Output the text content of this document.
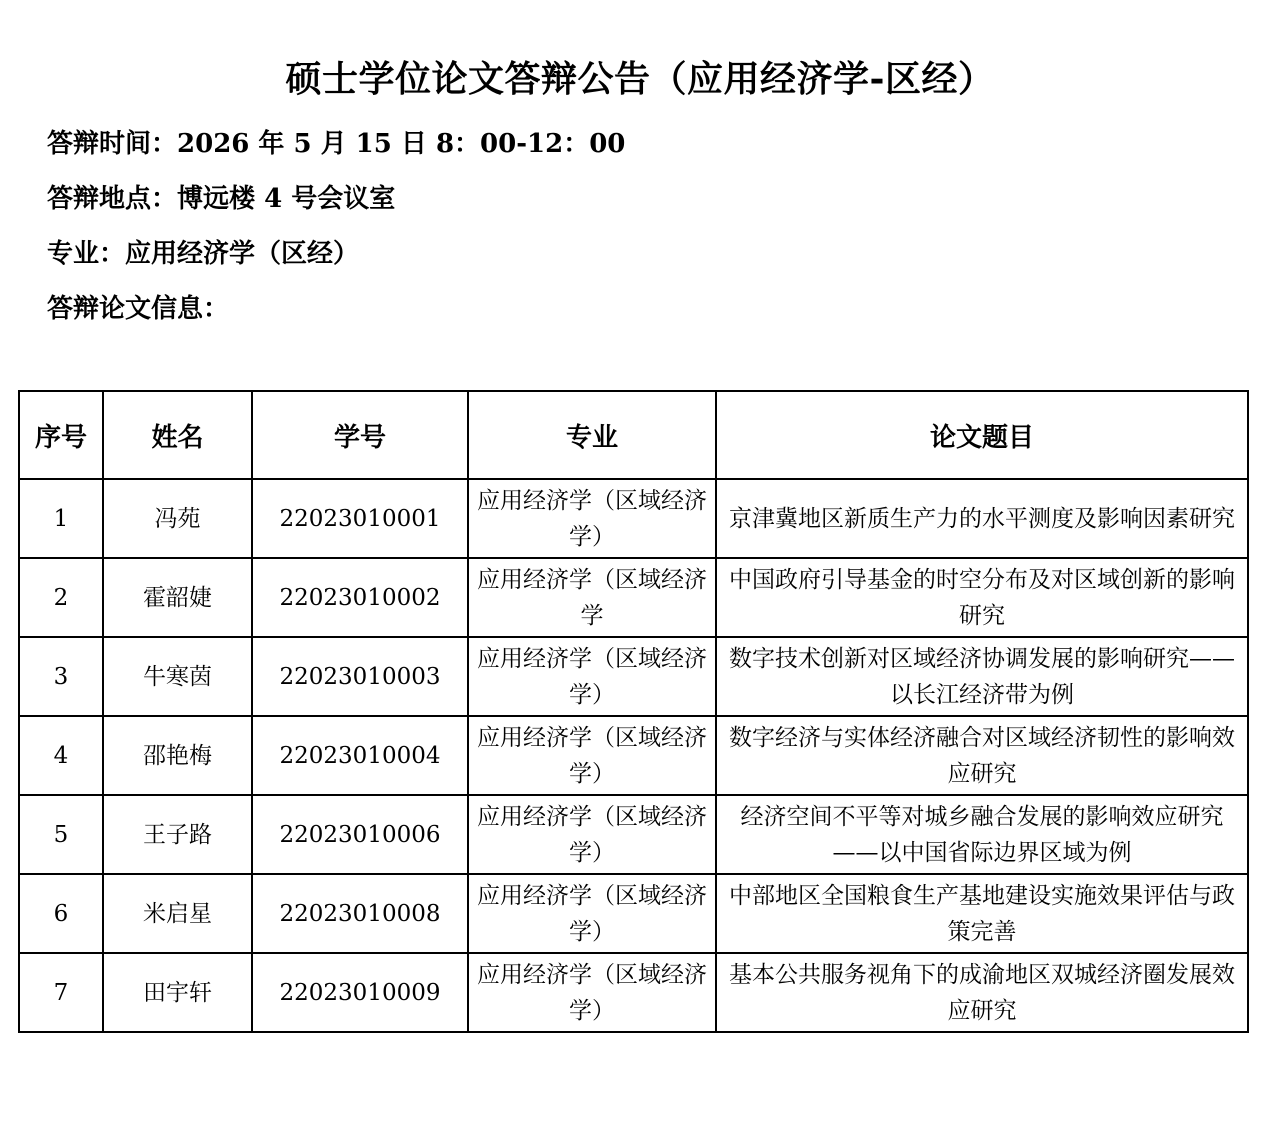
硕士学位论文答辩公告（应用经济学-区经）
答辩时间：2026 年 5 月 15 日 8：00-12：00
答辩地点：博远楼 4 号会议室
专业：应用经济学（区经）
答辩论文信息：
序号	姓名	学号	专业	论文题目
1	冯苑	22023010001	应用经济学（区域经济学）	京津冀地区新质生产力的水平测度及影响因素研究
2	霍韶婕	22023010002	应用经济学（区域经济学	中国政府引导基金的时空分布及对区域创新的影响研究
3	牛寒茵	22023010003	应用经济学（区域经济学）	数字技术创新对区域经济协调发展的影响研究——以长江经济带为例
4	邵艳梅	22023010004	应用经济学（区域经济学）	数字经济与实体经济融合对区域经济韧性的影响效应研究
5	王子路	22023010006	应用经济学（区域经济学）	经济空间不平等对城乡融合发展的影响效应研究——以中国省际边界区域为例
6	米启星	22023010008	应用经济学（区域经济学）	中部地区全国粮食生产基地建设实施效果评估与政策完善
7	田宇轩	22023010009	应用经济学（区域经济学）	基本公共服务视角下的成渝地区双城经济圈发展效应研究
